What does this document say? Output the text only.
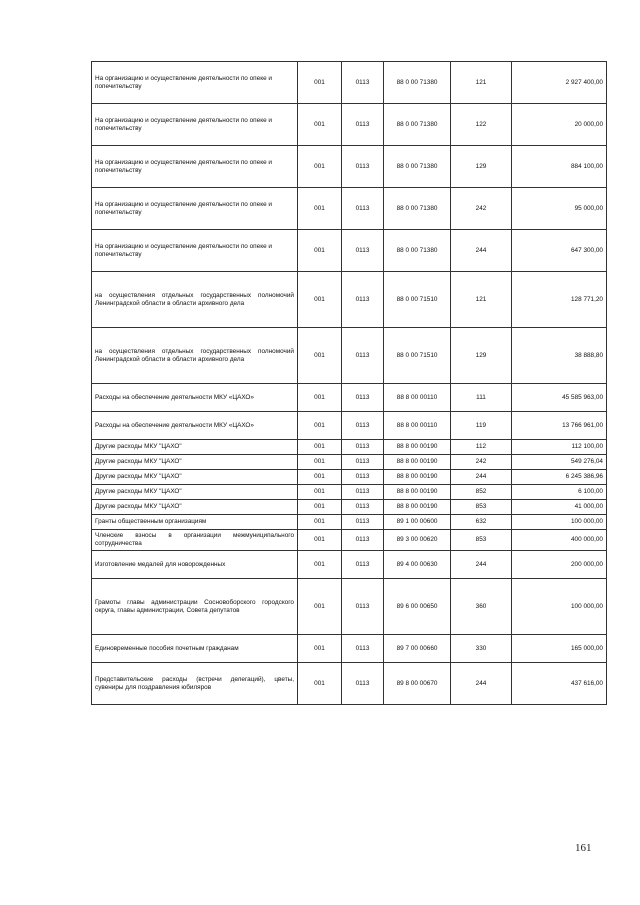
На организацию и осуществление деятельности по опеке и попечительству	001	0113	88 0 00 71380	121	2 927 400,00
На организацию и осуществление деятельности по опеке и попечительству	001	0113	88 0 00 71380	122	20 000,00
На организацию и осуществление деятельности по опеке и попечительству	001	0113	88 0 00 71380	129	884 100,00
На организацию и осуществление деятельности по опеке и попечительству	001	0113	88 0 00 71380	242	95 000,00
На организацию и осуществление деятельности по опеке и попечительству	001	0113	88 0 00 71380	244	647 300,00
на осуществления отдельных государственных полномочий Ленинградской области в области архивного дела	001	0113	88 0 00 71510	121	128 771,20
на осуществления отдельных государственных полномочий Ленинградской области в области архивного дела	001	0113	88 0 00 71510	129	38 888,80
Расходы на обеспечение деятельности МКУ «ЦАХО»	001	0113	88 8 00 00110	111	45 585 963,00
Расходы на обеспечение деятельности МКУ «ЦАХО»	001	0113	88 8 00 00110	119	13 766 961,00
Другие расходы МКУ "ЦАХО"	001	0113	88 8 00 00190	112	112 100,00
Другие расходы МКУ "ЦАХО"	001	0113	88 8 00 00190	242	549 276,04
Другие расходы МКУ "ЦАХО"	001	0113	88 8 00 00190	244	6 245 386,96
Другие расходы МКУ "ЦАХО"	001	0113	88 8 00 00190	852	6 100,00
Другие расходы МКУ "ЦАХО"	001	0113	88 8 00 00190	853	41 000,00
Гранты общественным организациям	001	0113	89 1 00 00600	632	100 000,00
Членские взносы в организации межмуниципального сотрудничества	001	0113	89 3 00 00620	853	400 000,00
Изготовление медалей для новорожденных	001	0113	89 4 00 00630	244	200 000,00
Грамоты главы администрации Сосновоборского городского округа, главы администрации, Совета депутатов	001	0113	89 6 00 00650	360	100 000,00
Единовременные пособия почетным гражданам	001	0113	89 7 00 00660	330	165 000,00
Представительские расходы (встречи делегаций), цветы, сувениры для поздравления юбиляров	001	0113	89 8 00 00670	244	437 616,00
161
